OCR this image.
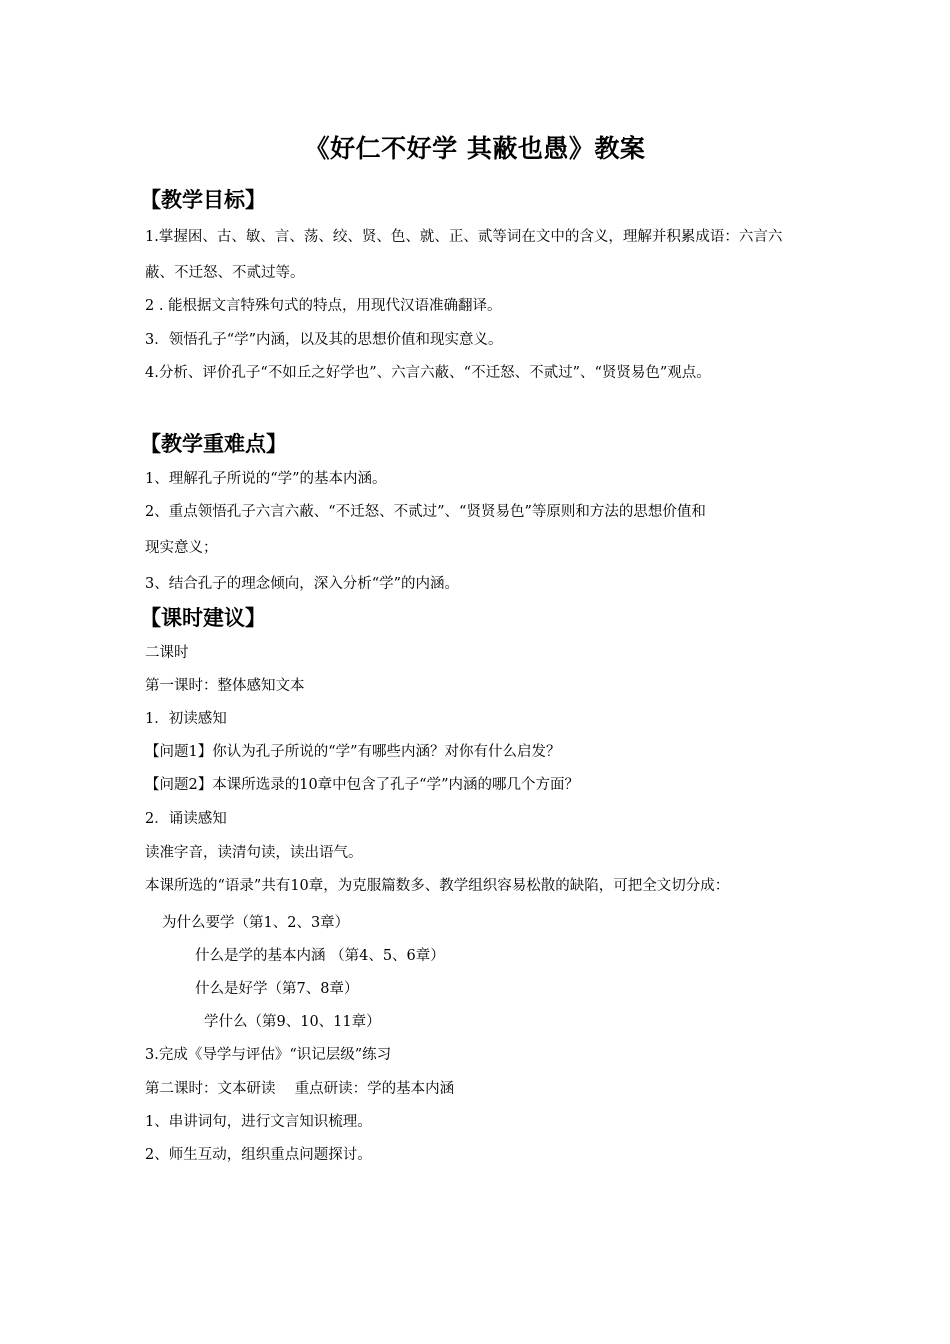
《好仁不好学 其蔽也愚》教案
【教学目标】
1.掌握困、古、敏、言、荡、绞、贤、色、就、正、贰等词在文中的含义，理解并积累成语：六言六
蔽、不迁怒、不贰过等。
2 . 能根据文言特殊句式的特点，用现代汉语准确翻译。
3．领悟孔子“学”内涵，以及其的思想价值和现实意义。
4.分析、评价孔子“不如丘之好学也”、六言六蔽、“不迁怒、不贰过”、“贤贤易色”观点。
【教学重难点】
1、理解孔子所说的“学”的基本内涵。
2、重点领悟孔子六言六蔽、“不迁怒、不贰过”、“贤贤易色”等原则和方法的思想价值和
现实意义；
3、结合孔子的理念倾向，深入分析“学”的内涵。
【课时建议】
二课时
第一课时：整体感知文本
1．初读感知
【问题1】你认为孔子所说的“学”有哪些内涵？对你有什么启发？
【问题2】本课所选录的10章中包含了孔子“学”内涵的哪几个方面？
2．诵读感知
读准字音，读清句读，读出语气。
本课所选的“语录”共有10章，为克服篇数多、教学组织容易松散的缺陷，可把全文切分成：
为什么要学（第1、2、3章）
什么是学的基本内涵 （第4、5、6章）
什么是好学（第7、8章）
学什么（第9、10、11章）
3.完成《导学与评估》“识记层级”练习
第二课时：文本研读　 重点研读：学的基本内涵
1、串讲词句，进行文言知识梳理。
2、师生互动，组织重点问题探讨。
